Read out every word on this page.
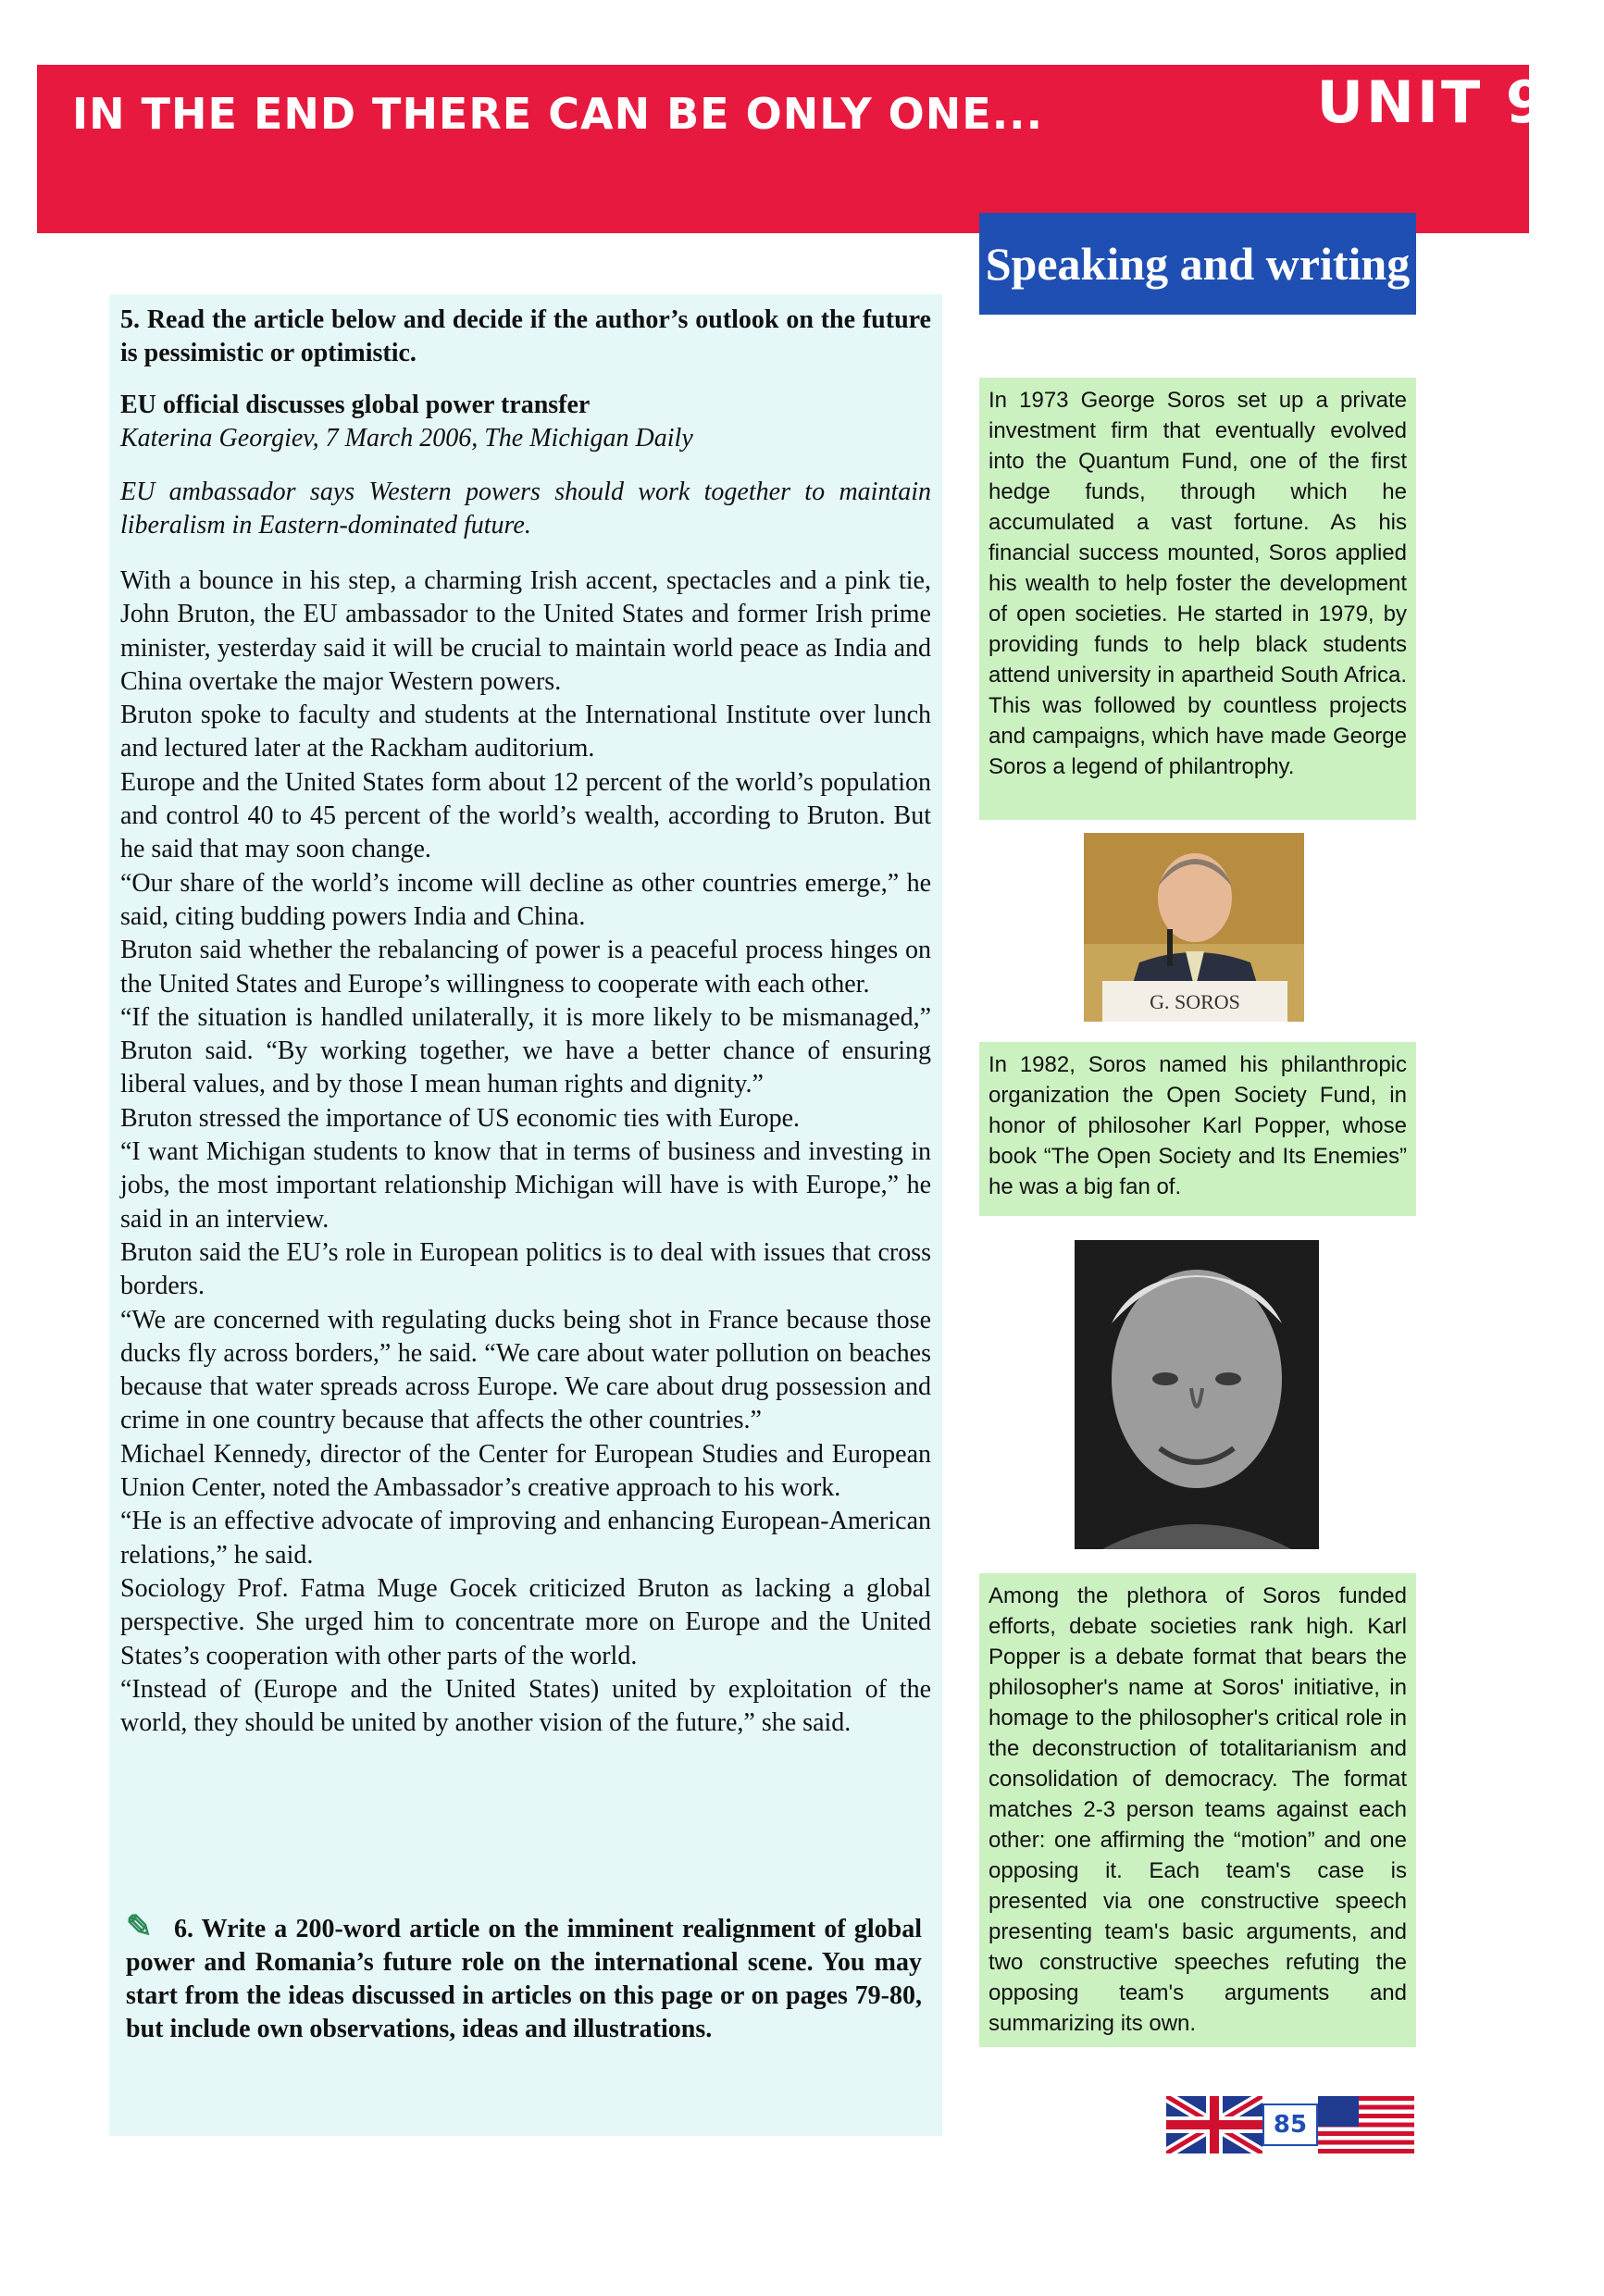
IN THE END THERE CAN BE ONLY ONE...	UNIT 9
Speaking and writing

5. Read the article below and decide if the author’s outlook on the future is pessimistic or optimistic.

EU official discusses global power transfer

Katerina Georgiev, 7 March 2006, The Michigan Daily

EU ambassador says Western powers should work together to maintain liberalism in Eastern-dominated future.

With a bounce in his step, a charming Irish accent, spectacles and a pink tie, John Bruton, the EU ambassador to the United States and former Irish prime minister, yesterday said it will be crucial to maintain world peace as India and China overtake the major Western powers.

Bruton spoke to faculty and students at the International Institute over lunch and lectured later at the Rackham auditorium.

Europe and the United States form about 12 percent of the world’s population and control 40 to 45 percent of the world’s wealth, according to Bruton. But he said that may soon change.

“Our share of the world’s income will decline as other countries emerge,” he said, citing budding powers India and China.

Bruton said whether the rebalancing of power is a peaceful process hinges on the United States and Europe’s willingness to cooperate with each other.

“If the situation is handled unilaterally, it is more likely to be mismanaged,” Bruton said. “By working together, we have a better chance of ensuring liberal values, and by those I mean human rights and dignity.”

Bruton stressed the importance of US economic ties with Europe.

“I want Michigan students to know that in terms of business and investing in jobs, the most important relationship Michigan will have is with Europe,” he said in an interview.

Bruton said the EU’s role in European politics is to deal with issues that cross borders.

“We are concerned with regulating ducks being shot in France because those ducks fly across borders,” he said. “We care about water pollution on beaches because that water spreads across Europe. We care about drug possession and crime in one country because that affects the other countries.”

Michael Kennedy, director of the Center for European Studies and European Union Center, noted the Ambassador’s creative approach to his work.

“He is an effective advocate of improving and enhancing European-American relations,” he said.

Sociology Prof. Fatma Muge Gocek criticized Bruton as lacking a global perspective. She urged him to concentrate more on Europe and the United States’s cooperation with other parts of the world.

“Instead of (Europe and the United States) united by exploitation of the world, they should be united by another vision of the future,” she said.

✎ 6. Write a 200-word article on the imminent realignment of global power and Romania’s future role on the international scene. You may start from the ideas discussed in articles on this page or on pages 79-80, but include own observations, ideas and illustrations.
In 1973 George Soros set up a private investment firm that eventually evolved into the Quantum Fund, one of the first hedge funds, through which he accumulated a vast fortune. As his financial success mounted, Soros applied his wealth to help foster the development of open societies. He started in 1979, by providing funds to help black students attend university in apartheid South Africa. This was followed by countless projects and campaigns, which have made George Soros a legend of philantrophy.
G. SOROS
In 1982, Soros named his philanthropic organization the Open Society Fund, in honor of philosoher Karl Popper, whose book “The Open Society and Its Enemies” he was a big fan of.
Among the plethora of Soros funded efforts, debate societies rank high. Karl Popper is a debate format that bears the philosopher's name at Soros' initiative, in homage to the philosopher's critical role in the deconstruction of totalitarianism and consolidation of democracy. The format matches 2-3 person teams against each other: one affirming the “motion” and one opposing it. Each team's case is presented via one constructive speech presenting team's basic arguments, and two constructive speeches refuting the opposing team's arguments and summarizing its own.
85
